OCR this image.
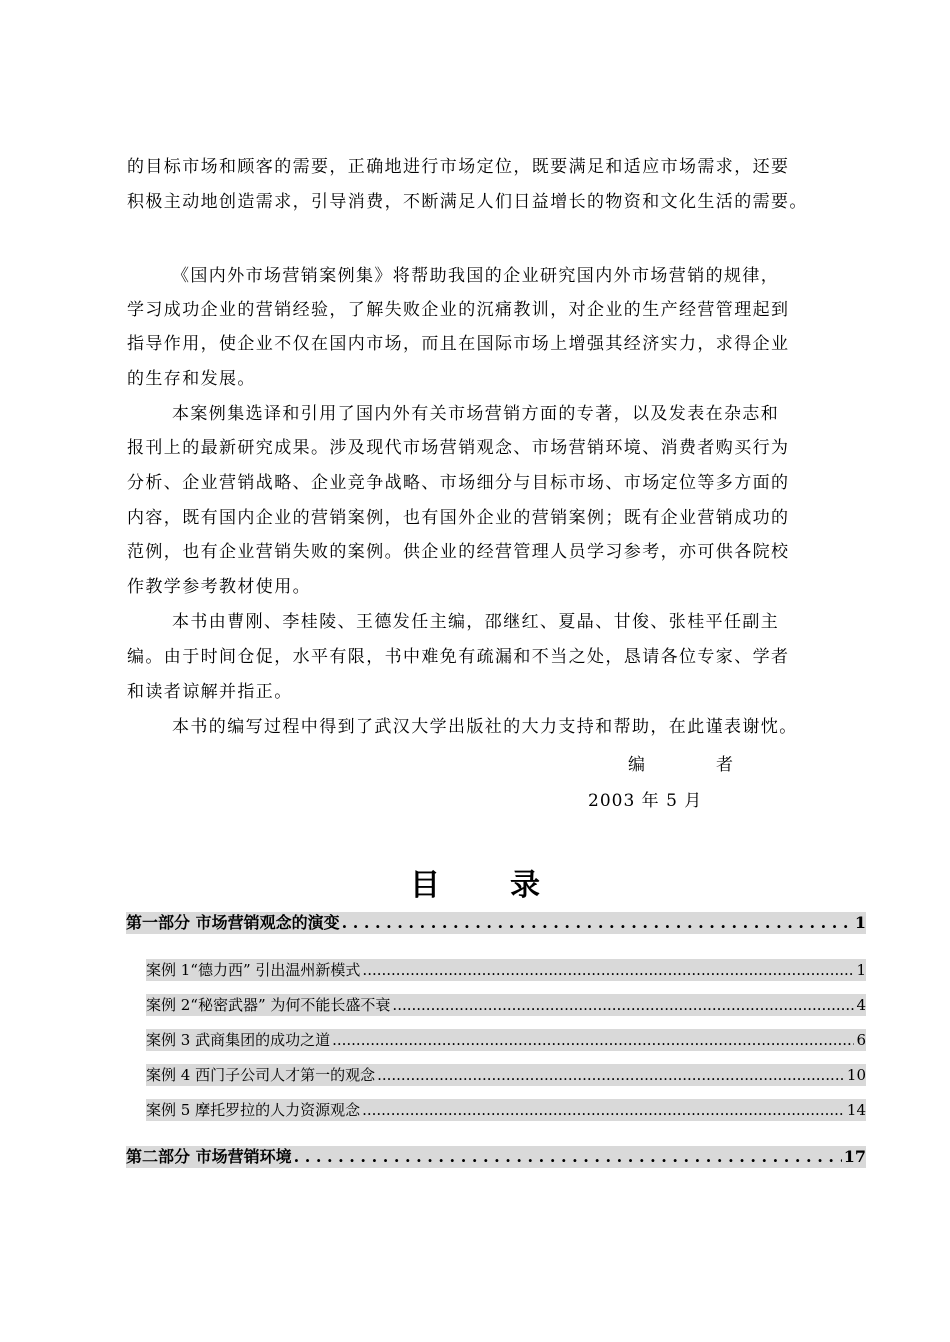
的目标市场和顾客的需要，正确地进行市场定位，既要满足和适应市场需求，还要
积极主动地创造需求，引导消费，不断满足人们日益增长的物资和文化生活的需要。
《国内外市场营销案例集》将帮助我国的企业研究国内外市场营销的规律，
学习成功企业的营销经验，了解失败企业的沉痛教训，对企业的生产经营管理起到
指导作用，使企业不仅在国内市场，而且在国际市场上增强其经济实力，求得企业
的生存和发展。
本案例集选译和引用了国内外有关市场营销方面的专著，以及发表在杂志和
报刊上的最新研究成果。涉及现代市场营销观念、市场营销环境、消费者购买行为
分析、企业营销战略、企业竞争战略、市场细分与目标市场、市场定位等多方面的
内容，既有国内企业的营销案例，也有国外企业的营销案例；既有企业营销成功的
范例，也有企业营销失败的案例。供企业的经营管理人员学习参考，亦可供各院校
作教学参考教材使用。
本书由曹刚、李桂陵、王德发任主编，邵继红、夏晶、甘俊、张桂平任副主
编。由于时间仓促，水平有限，书中难免有疏漏和不当之处，恳请各位专家、学者
和读者谅解并指正。
本书的编写过程中得到了武汉大学出版社的大力支持和帮助，在此谨表谢忱。
编	者
2003 年 5 月
目录
第一部分 市场营销观念的演变 . . .	1
案例 1“德力西” 引出温州新模式 .....	1
案例 2“秘密武器” 为何不能长盛不衰 .....	4
案例 3 武商集团的成功之道 .....	6
案例 4 西门子公司人才第一的观念 .....	10
案例 5 摩托罗拉的人力资源观念 .....	14
第二部分 市场营销环境 . . .	17
